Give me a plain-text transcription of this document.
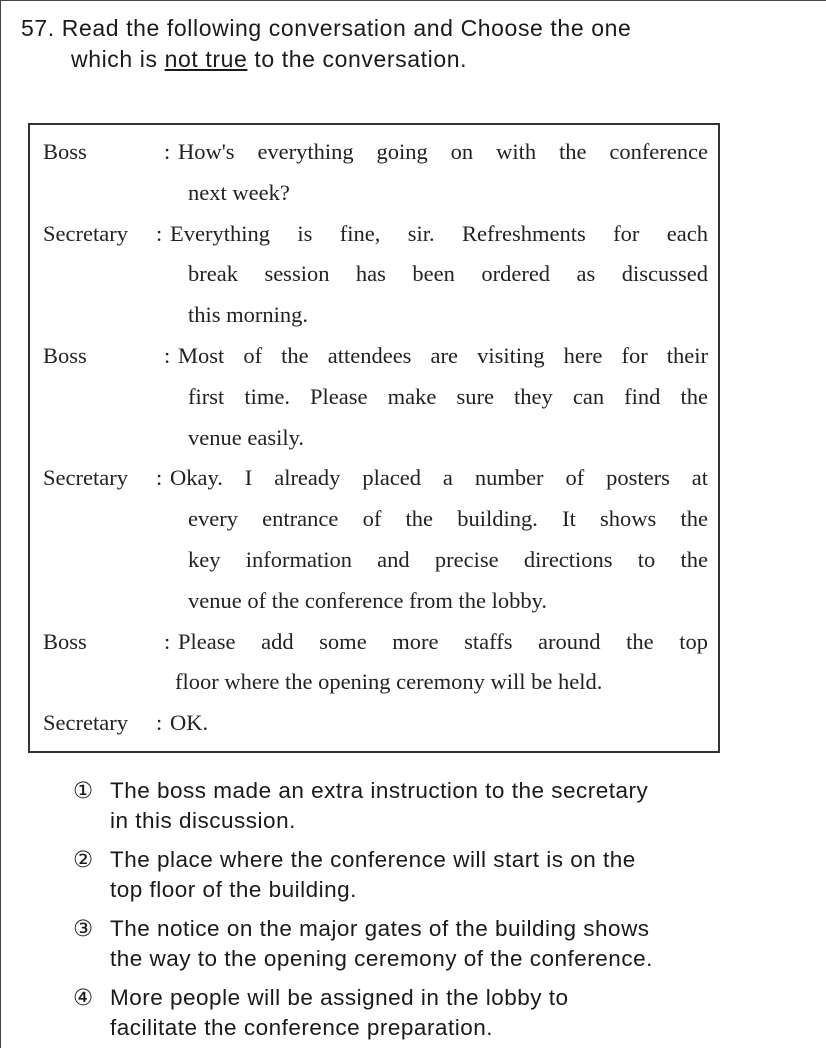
57. Read the following conversation and Choose the one
which is not true to the conversation.
Boss	: How's everything going on with the conference
next week?
Secretary : Everything is fine, sir. Refreshments for each
break session has been ordered as discussed
this morning.
Boss	: Most of the attendees are visiting here for their
first time. Please make sure they can find the
venue easily.
Secretary : Okay. I already placed a number of posters at
every entrance of the building. It shows the
key information and precise directions to the
venue of the conference from the lobby.
Boss	: Please add some more staffs around the top
floor where the opening ceremony will be held.
Secretary : OK.
① The boss made an extra instruction to the secretary
in this discussion.
② The place where the conference will start is on the
top floor of the building.
③ The notice on the major gates of the building shows
the way to the opening ceremony of the conference.
④ More people will be assigned in the lobby to
facilitate the conference preparation.
